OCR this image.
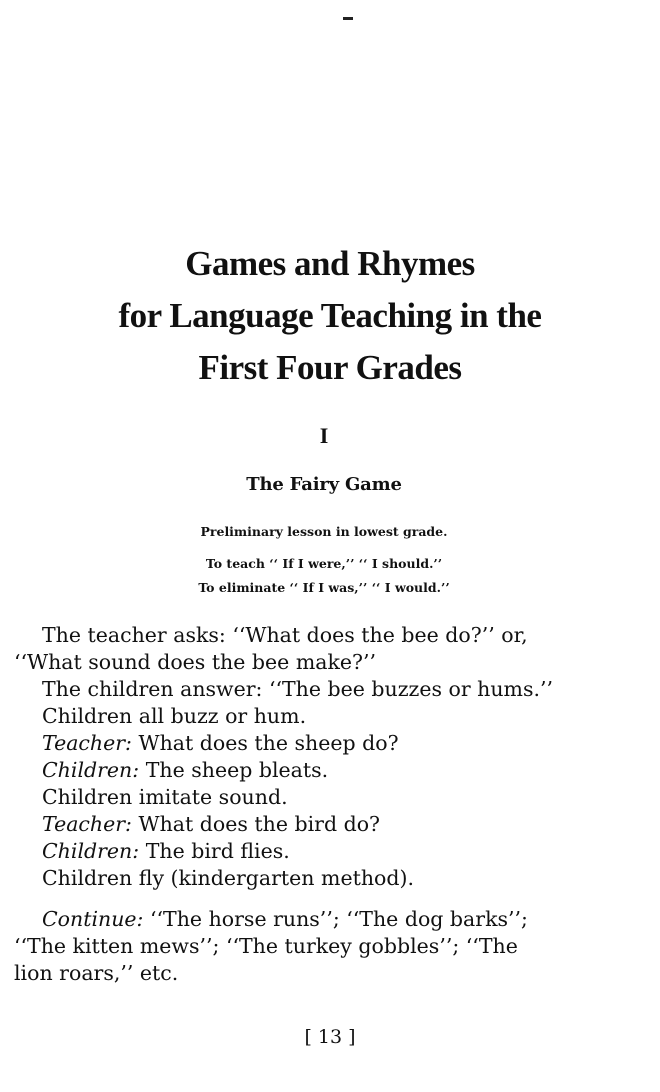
Games and Rhymes
for Language Teaching in the
First Four Grades
I
The Fairy Game
Preliminary lesson in lowest grade.
To teach ‘‘ If I were,’’ ‘‘ I should.’’
To eliminate ‘‘ If I was,’’ ‘‘ I would.’’
The teacher asks: ‘‘What does the bee do?’’ or,
‘‘What sound does the bee make?’’
The children answer: ‘‘The bee buzzes or hums.’’
Children all buzz or hum.
Teacher: What does the sheep do?
Children: The sheep bleats.
Children imitate sound.
Teacher: What does the bird do?
Children: The bird flies.
Children fly (kindergarten method).
Continue: ‘‘The horse runs’’; ‘‘The dog barks’’;
‘‘The kitten mews’’; ‘‘The turkey gobbles’’; ‘‘The
lion roars,’’ etc.
[ 13 ]
